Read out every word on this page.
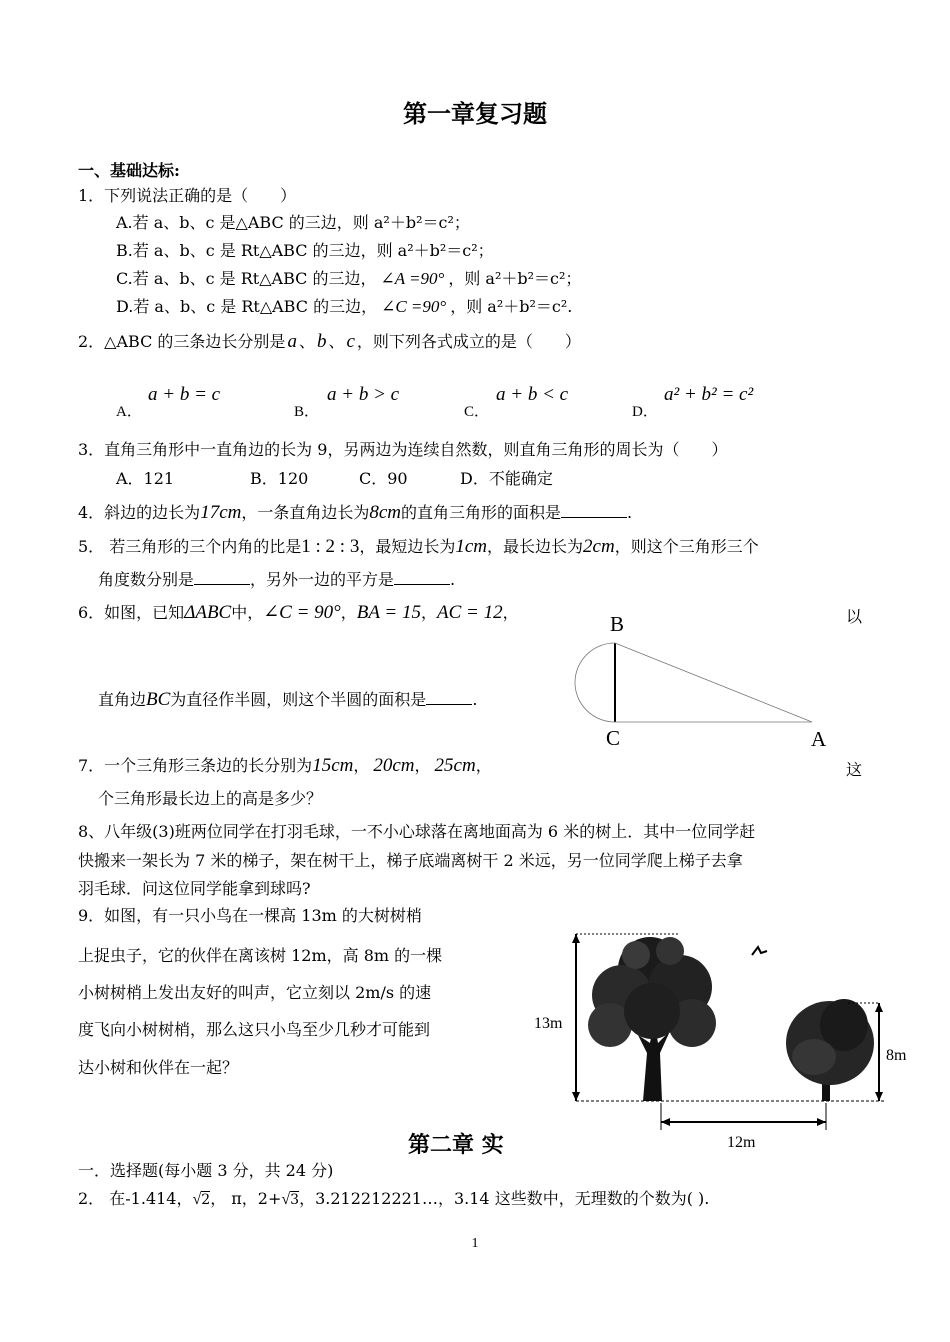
第一章复习题
一、基础达标:
1．下列说法正确的是（　　）
A.若 a、b、c 是△ABC 的三边，则 a²＋b²＝c²；
B.若 a、b、c 是 Rt△ABC 的三边，则 a²＋b²＝c²；
C.若 a、b、c 是 Rt△ABC 的三边， ∠A =90° ，则 a²＋b²＝c²；
D.若 a、b、c 是 Rt△ABC 的三边， ∠C =90° ，则 a²＋b²＝c².
2．△ABC 的三条边长分别是 a 、 b 、 c ，则下列各式成立的是（　　）
A．
a + b = c
B．
a + b > c
C．
a + b < c
D．
a² + b² = c²
3．直角三角形中一直角边的长为 9，另两边为连续自然数，则直角三角形的周长为（　　）
A．121	B．120	C．90	D．不能确定
4．斜边的边长为17cm，一条直角边长为8cm的直角三角形的面积是	.
5． 若三角形的三个内角的比是1 : 2 : 3，最短边长为1cm，最长边长为2cm，则这个三角形三个
角度数分别是	，另外一边的平方是	.
6．如图，已知ΔABC中，∠C = 90°，BA = 15，AC = 12，	以
直角边BC为直径作半圆，则这个半圆的面积是	.
B
C	A
7．一个三角形三条边的长分别为15cm， 20cm， 25cm，	这
个三角形最长边上的高是多少？
8、八年级(3)班两位同学在打羽毛球，一不小心球落在离地面高为 6 米的树上．其中一位同学赶
快搬来一架长为 7 米的梯子，架在树干上，梯子底端离树干 2 米远，另一位同学爬上梯子去拿
羽毛球．问这位同学能拿到球吗?
9．如图，有一只小鸟在一棵高 13m 的大树树梢
上捉虫子，它的伙伴在离该树 12m，高 8m 的一棵
小树树梢上发出友好的叫声，它立刻以 2m/s 的速
度飞向小树树梢，那么这只小鸟至少几秒才可能到
达小树和伙伴在一起？
13m
8m
12m
第二章 实
一．选择题(每小题 3 分，共 24 分)
2． 在-1.414，√2， π，2+√3，3.212212221…，3.14 这些数中，无理数的个数为( ).
1
